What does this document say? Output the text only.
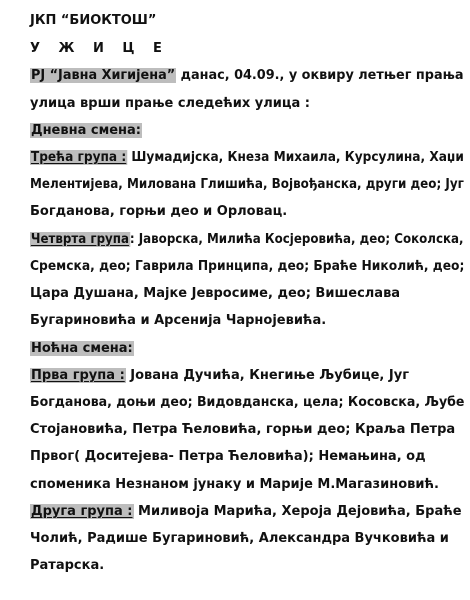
ЈКП “БИОКТОШ”
У Ж И Ц Е
РЈ “Јавна Хигијена” данас, 04.09., у оквиру летњег прања
улица врши прање следећих улица :
Дневна смена:
Трећа група : Шумадијска, Кнеза Михаила, Курсулина, Хаџи
Мелентијева, Милована Глишића, Војвођанска, други део; Југ
Богданова, горњи део и Орловац.
Четврта група: Јаворска, Милића Косјеровића, део; Соколска,
Сремска, део; Гаврила Принципа, део; Браће Николић, део;
Цара Душана, Мајке Јевросиме, део; Вишеслава
Бугариновића и Арсенија Чарнојевића.
Ноћна смена:
Прва група : Јована Дучића, Кнегиње Љубице, Југ
Богданова, доњи део; Видовданска, цела; Косовска, Љубе
Стојановића, Петра Ћеловића, горњи део; Краља Петра
Првог( Доситејева- Петра Ћеловића); Немањина, од
споменика Незнаном јунаку и Марије М.Магазиновић.
Друга група : Миливоја Марића, Хероја Дејовића, Браће
Чолић, Радише Бугариновић, Александра Вучковића и
Ратарска.
